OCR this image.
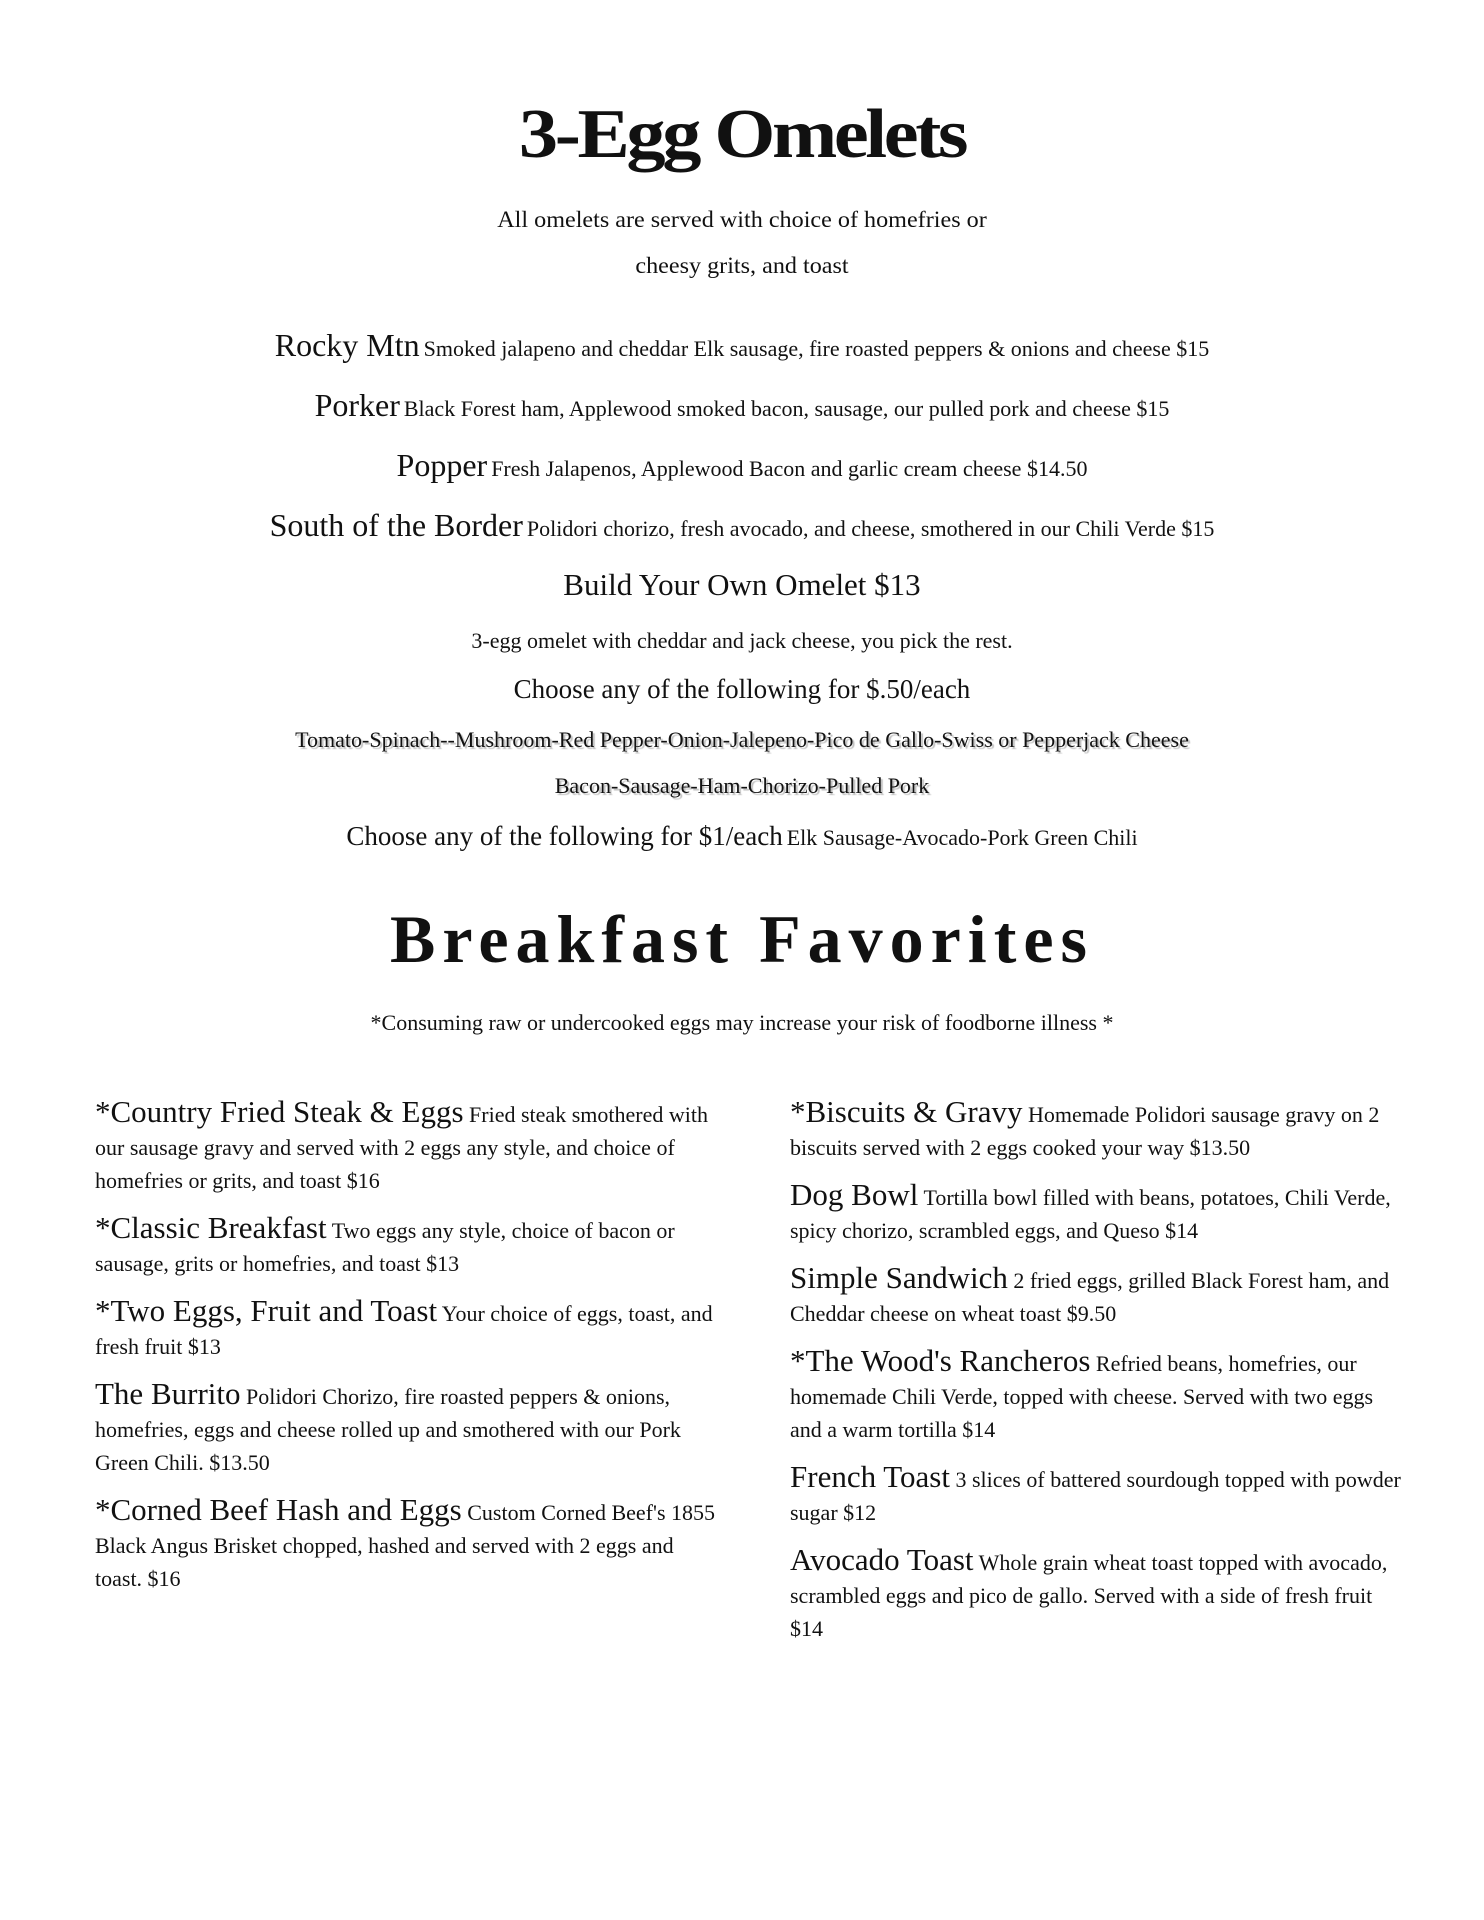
3-Egg Omelets

All omelets are served with choice of homefries or

cheesy grits, and toast

Rocky Mtn Smoked jalapeno and cheddar Elk sausage, fire roasted peppers & onions and cheese $15

Porker Black Forest ham, Applewood smoked bacon, sausage, our pulled pork and cheese $15

Popper Fresh Jalapenos, Applewood Bacon and garlic cream cheese $14.50

South of the Border Polidori chorizo, fresh avocado, and cheese, smothered in our Chili Verde $15

Build Your Own Omelet $13

3-egg omelet with cheddar and jack cheese, you pick the rest.

Choose any of the following for $.50/each

Tomato-Spinach--Mushroom-Red Pepper-Onion-Jalepeno-Pico de Gallo-Swiss or Pepperjack Cheese

Bacon-Sausage-Ham-Chorizo-Pulled Pork

Choose any of the following for $1/each Elk Sausage-Avocado-Pork Green Chili

Breakfast Favorites

*Consuming raw or undercooked eggs may increase your risk of foodborne illness *

*Country Fried Steak & Eggs Fried steak smothered with our sausage gravy and served with 2 eggs any style, and choice of homefries or grits, and toast $16

*Classic Breakfast Two eggs any style, choice of bacon or sausage, grits or homefries, and toast $13

*Two Eggs, Fruit and Toast Your choice of eggs, toast, and fresh fruit $13

The Burrito Polidori Chorizo, fire roasted peppers & onions, homefries, eggs and cheese rolled up and smothered with our Pork Green Chili. $13.50

*Corned Beef Hash and Eggs Custom Corned Beef's 1855 Black Angus Brisket chopped, hashed and served with 2 eggs and toast. $16

*Biscuits & Gravy Homemade Polidori sausage gravy on 2 biscuits served with 2 eggs cooked your way $13.50

Dog Bowl Tortilla bowl filled with beans, potatoes, Chili Verde, spicy chorizo, scrambled eggs, and Queso $14

Simple Sandwich 2 fried eggs, grilled Black Forest ham, and Cheddar cheese on wheat toast $9.50

*The Wood's Rancheros Refried beans, homefries, our homemade Chili Verde, topped with cheese. Served with two eggs and a warm tortilla $14

French Toast 3 slices of battered sourdough topped with powder sugar $12

Avocado Toast Whole grain wheat toast topped with avocado, scrambled eggs and pico de gallo. Served with a side of fresh fruit $14
